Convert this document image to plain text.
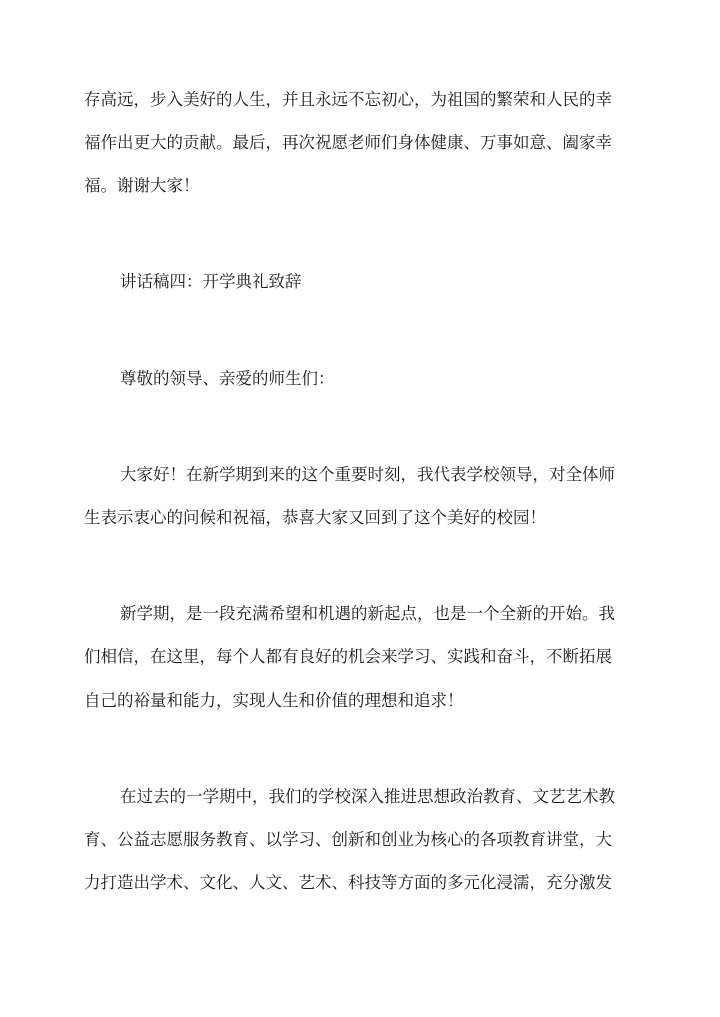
存高远，步入美好的人生，并且永远不忘初心，为祖国的繁荣和人民的幸
福作出更大的贡献。最后，再次祝愿老师们身体健康、万事如意、阖家幸
福。谢谢大家！
讲话稿四：开学典礼致辞
尊敬的领导、亲爱的师生们：
大家好！在新学期到来的这个重要时刻，我代表学校领导，对全体师
生表示衷心的问候和祝福，恭喜大家又回到了这个美好的校园！
新学期，是一段充满希望和机遇的新起点，也是一个全新的开始。我
们相信，在这里，每个人都有良好的机会来学习、实践和奋斗，不断拓展
自己的裕量和能力，实现人生和价值的理想和追求！
在过去的一学期中，我们的学校深入推进思想政治教育、文艺艺术教
育、公益志愿服务教育、以学习、创新和创业为核心的各项教育讲堂，大
力打造出学术、文化、人文、艺术、科技等方面的多元化浸濡，充分激发
